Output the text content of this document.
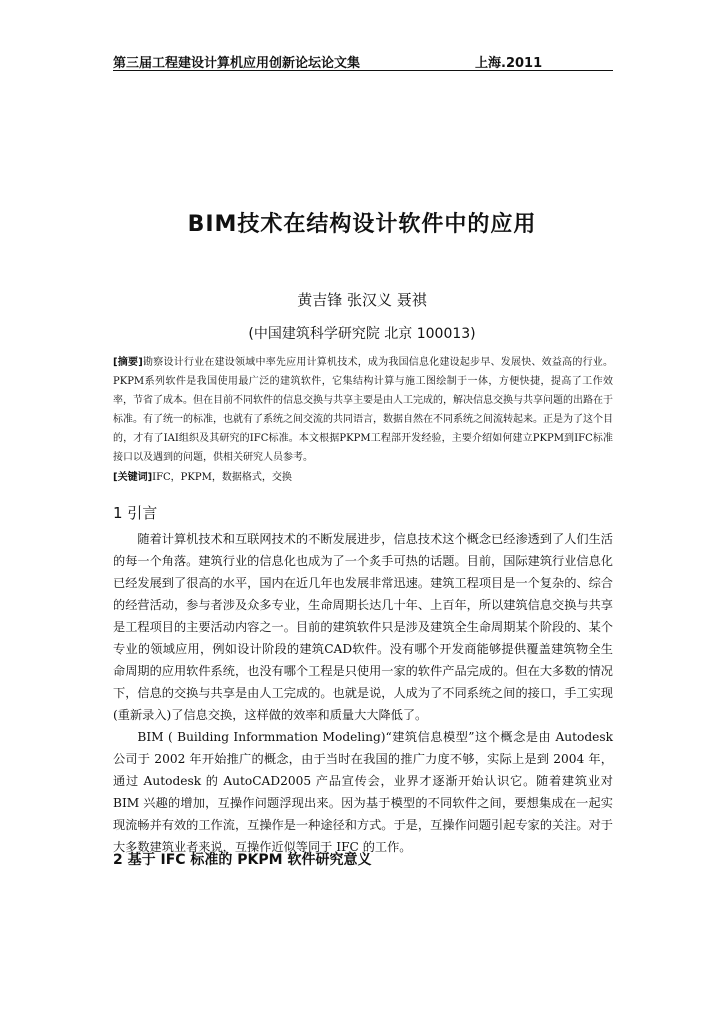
第三届工程建设计算机应用创新论坛论文集	上海.2011
BIM技术在结构设计软件中的应用
黄吉锋 张汉义 聂祺
(中国建筑科学研究院 北京 100013)
[摘要]勘察设计行业在建设领域中率先应用计算机技术，成为我国信息化建设起步早、发展快、效益高的行业。PKPM系列软件是我国使用最广泛的建筑软件，它集结构计算与施工图绘制于一体，方便快捷，提高了工作效率，节省了成本。但在目前不同软件的信息交换与共享主要是由人工完成的，解决信息交换与共享问题的出路在于标准。有了统一的标准，也就有了系统之间交流的共同语言，数据自然在不同系统之间流转起来。正是为了这个目的，才有了IAI组织及其研究的IFC标准。本文根据PKPM工程部开发经验，主要介绍如何建立PKPM到IFC标准接口以及遇到的问题，供相关研究人员参考。
[关键词]IFC，PKPM，数据格式，交换
1 引言

随着计算机技术和互联网技术的不断发展进步，信息技术这个概念已经渗透到了人们生活的每一个角落。建筑行业的信息化也成为了一个炙手可热的话题。目前，国际建筑行业信息化已经发展到了很高的水平，国内在近几年也发展非常迅速。建筑工程项目是一个复杂的、综合的经营活动，参与者涉及众多专业，生命周期长达几十年、上百年，所以建筑信息交换与共享是工程项目的主要活动内容之一。目前的建筑软件只是涉及建筑全生命周期某个阶段的、某个专业的领域应用，例如设计阶段的建筑CAD软件。没有哪个开发商能够提供覆盖建筑物全生命周期的应用软件系统，也没有哪个工程是只使用一家的软件产品完成的。但在大多数的情况下，信息的交换与共享是由人工完成的。也就是说，人成为了不同系统之间的接口，手工实现(重新录入)了信息交换，这样做的效率和质量大大降低了。

BIM ( Building Informmation Modeling)“建筑信息模型”这个概念是由 Autodesk 公司于 2002 年开始推广的概念，由于当时在我国的推广力度不够，实际上是到 2004 年，通过 Autodesk 的 AutoCAD2005 产品宣传会，业界才逐渐开始认识它。随着建筑业对 BIM 兴趣的增加，互操作问题浮现出来。因为基于模型的不同软件之间，要想集成在一起实现流畅并有效的工作流，互操作是一种途径和方式。于是，互操作问题引起专家的关注。对于大多数建筑业者来说，互操作近似等同于 IFC 的工作。

2 基于 IFC 标准的 PKPM 软件研究意义
